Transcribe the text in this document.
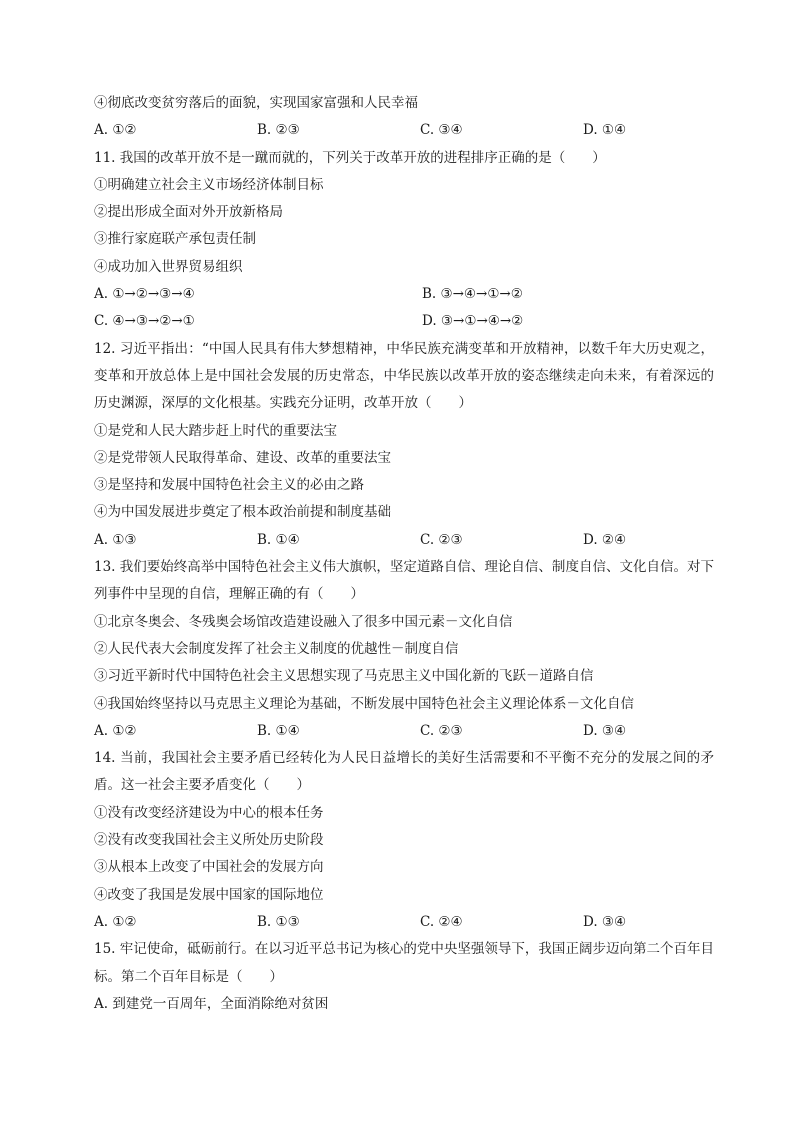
④彻底改变贫穷落后的面貌，实现国家富强和人民幸福
A. ①②	B. ②③	C. ③④	D. ①④
11. 我国的改革开放不是一蹴而就的，下列关于改革开放的进程排序正确的是（　　）
①明确建立社会主义市场经济体制目标
②提出形成全面对外开放新格局
③推行家庭联产承包责任制
④成功加入世界贸易组织
A. ①→②→③→④	B. ③→④→①→②
C. ④→③→②→①	D. ③→①→④→②
12. 习近平指出：“中国人民具有伟大梦想精神，中华民族充满变革和开放精神，以数千年大历史观之，变革和开放总体上是中国社会发展的历史常态，中华民族以改革开放的姿态继续走向未来，有着深远的历史渊源，深厚的文化根基。实践充分证明，改革开放（　　）
①是党和人民大踏步赶上时代的重要法宝
②是党带领人民取得革命、建设、改革的重要法宝
③是坚持和发展中国特色社会主义的必由之路
④为中国发展进步奠定了根本政治前提和制度基础
A. ①③	B. ①④	C. ②③	D. ②④
13. 我们要始终高举中国特色社会主义伟大旗帜，坚定道路自信、理论自信、制度自信、文化自信。对下列事件中呈现的自信，理解正确的有（　　）
①北京冬奥会、冬残奥会场馆改造建设融入了很多中国元素－文化自信
②人民代表大会制度发挥了社会主义制度的优越性－制度自信
③习近平新时代中国特色社会主义思想实现了马克思主义中国化新的飞跃－道路自信
④我国始终坚持以马克思主义理论为基础，不断发展中国特色社会主义理论体系－文化自信
A. ①②	B. ①④	C. ②③	D. ③④
14. 当前，我国社会主要矛盾已经转化为人民日益增长的美好生活需要和不平衡不充分的发展之间的矛盾。这一社会主要矛盾变化（　　）
①没有改变经济建设为中心的根本任务
②没有改变我国社会主义所处历史阶段
③从根本上改变了中国社会的发展方向
④改变了我国是发展中国家的国际地位
A. ①②	B. ①③	C. ②④	D. ③④
15. 牢记使命，砥砺前行。在以习近平总书记为核心的党中央坚强领导下，我国正阔步迈向第二个百年目标。第二个百年目标是（　　）
A. 到建党一百周年，全面消除绝对贫困
